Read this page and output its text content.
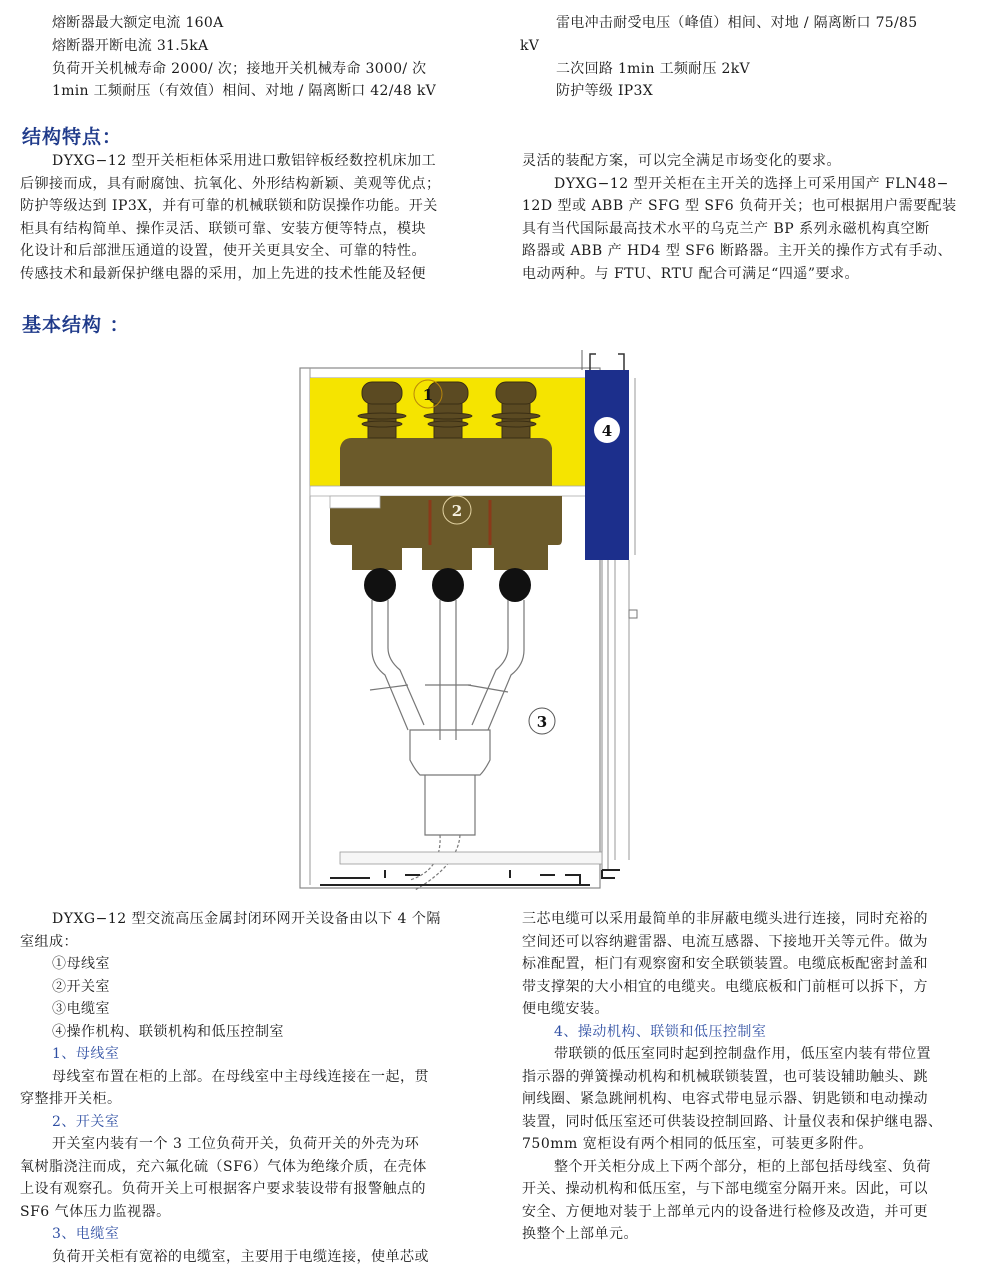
熔断器最大额定电流 160A
熔断器开断电流 31.5kA
负荷开关机械寿命 2000/ 次；接地开关机械寿命 3000/ 次
1min 工频耐压（有效值）相间、对地 / 隔离断口 42/48 kV
雷电冲击耐受电压（峰值）相间、对地 / 隔离断口 75/85
kV
二次回路 1min 工频耐压 2kV
防护等级 IP3X
结构特点：
DYXG−12 型开关柜柜体采用进口敷铝锌板经数控机床加工
后铆接而成，具有耐腐蚀、抗氧化、外形结构新颖、美观等优点；
防护等级达到 IP3X，并有可靠的机械联锁和防误操作功能。开关
柜具有结构简单、操作灵活、联锁可靠、安装方便等特点，模块
化设计和后部泄压通道的设置，使开关更具安全、可靠的特性。
传感技术和最新保护继电器的采用，加上先进的技术性能及轻便
灵活的装配方案，可以完全满足市场变化的要求。
DYXG−12 型开关柜在主开关的选择上可采用国产 FLN48−
12D 型或 ABB 产 SFG 型 SF6 负荷开关；也可根据用户需要配装
具有当代国际最高技术水平的乌克兰产 BP 系列永磁机构真空断
路器或 ABB 产 HD4 型 SF6 断路器。主开关的操作方式有手动、
电动两种。与 FTU、RTU 配合可满足“四遥”要求。
基本结构 ：
1
2
3
4
DYXG−12 型交流高压金属封闭环网开关设备由以下 4 个隔
室组成：
①母线室
②开关室
③电缆室
④操作机构、联锁机构和低压控制室
1、母线室
母线室布置在柜的上部。在母线室中主母线连接在一起，贯
穿整排开关柜。
2、开关室
开关室内装有一个 3 工位负荷开关，负荷开关的外壳为环
氧树脂浇注而成，充六氟化硫（SF6）气体为绝缘介质，在壳体
上设有观察孔。负荷开关上可根据客户要求装设带有报警触点的
SF6 气体压力监视器。
3、电缆室
负荷开关柜有宽裕的电缆室，主要用于电缆连接，使单芯或
三芯电缆可以采用最简单的非屏蔽电缆头进行连接，同时充裕的
空间还可以容纳避雷器、电流互感器、下接地开关等元件。做为
标准配置，柜门有观察窗和安全联锁装置。电缆底板配密封盖和
带支撑架的大小相宜的电缆夹。电缆底板和门前框可以拆下，方
便电缆安装。
4、操动机构、联锁和低压控制室
带联锁的低压室同时起到控制盘作用，低压室内装有带位置
指示器的弹簧操动机构和机械联锁装置，也可装设辅助触头、跳
闸线圈、紧急跳闸机构、电容式带电显示器、钥匙锁和电动操动
装置，同时低压室还可供装设控制回路、计量仪表和保护继电器、
750mm 宽柜设有两个相同的低压室，可装更多附件。
整个开关柜分成上下两个部分，柜的上部包括母线室、负荷
开关、操动机构和低压室，与下部电缆室分隔开来。因此，可以
安全、方便地对装于上部单元内的设备进行检修及改造，并可更
换整个上部单元。
